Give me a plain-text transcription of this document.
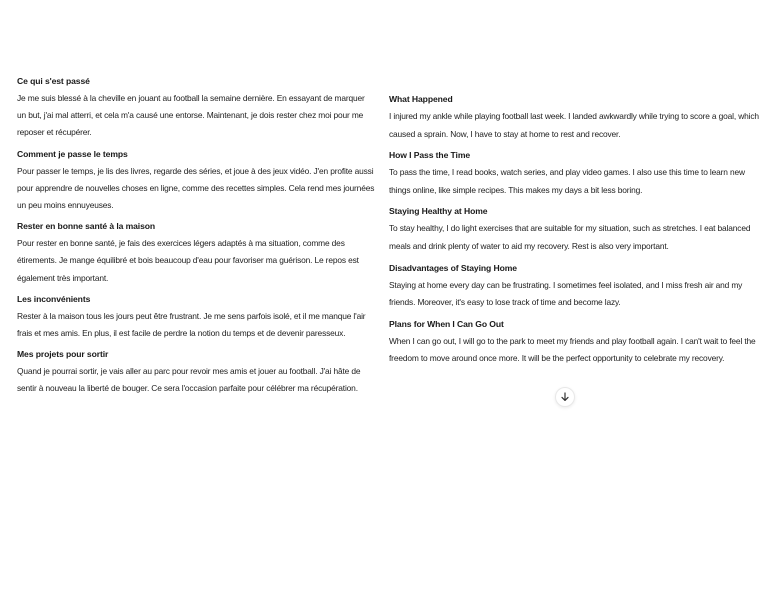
Ce qui s'est passé

Je me suis blessé à la cheville en jouant au football la semaine dernière. En essayant de marquer un but, j'ai mal atterri, et cela m'a causé une entorse. Maintenant, je dois rester chez moi pour me reposer et récupérer.

Comment je passe le temps

Pour passer le temps, je lis des livres, regarde des séries, et joue à des jeux vidéo. J'en profite aussi pour apprendre de nouvelles choses en ligne, comme des recettes simples. Cela rend mes journées un peu moins ennuyeuses.

Rester en bonne santé à la maison

Pour rester en bonne santé, je fais des exercices légers adaptés à ma situation, comme des étirements. Je mange équilibré et bois beaucoup d'eau pour favoriser ma guérison. Le repos est également très important.

Les inconvénients

Rester à la maison tous les jours peut être frustrant. Je me sens parfois isolé, et il me manque l'air frais et mes amis. En plus, il est facile de perdre la notion du temps et de devenir paresseux.

Mes projets pour sortir

Quand je pourrai sortir, je vais aller au parc pour revoir mes amis et jouer au football. J'ai hâte de sentir à nouveau la liberté de bouger. Ce sera l'occasion parfaite pour célébrer ma récupération.

What Happened

I injured my ankle while playing football last week. I landed awkwardly while trying to score a goal, which caused a sprain. Now, I have to stay at home to rest and recover.

How I Pass the Time

To pass the time, I read books, watch series, and play video games. I also use this time to learn new things online, like simple recipes. This makes my days a bit less boring.

Staying Healthy at Home

To stay healthy, I do light exercises that are suitable for my situation, such as stretches. I eat balanced meals and drink plenty of water to aid my recovery. Rest is also very important.

Disadvantages of Staying Home

Staying at home every day can be frustrating. I sometimes feel isolated, and I miss fresh air and my friends. Moreover, it's easy to lose track of time and become lazy.

Plans for When I Can Go Out

When I can go out, I will go to the park to meet my friends and play football again. I can't wait to feel the freedom to move around once more. It will be the perfect opportunity to celebrate my recovery.
